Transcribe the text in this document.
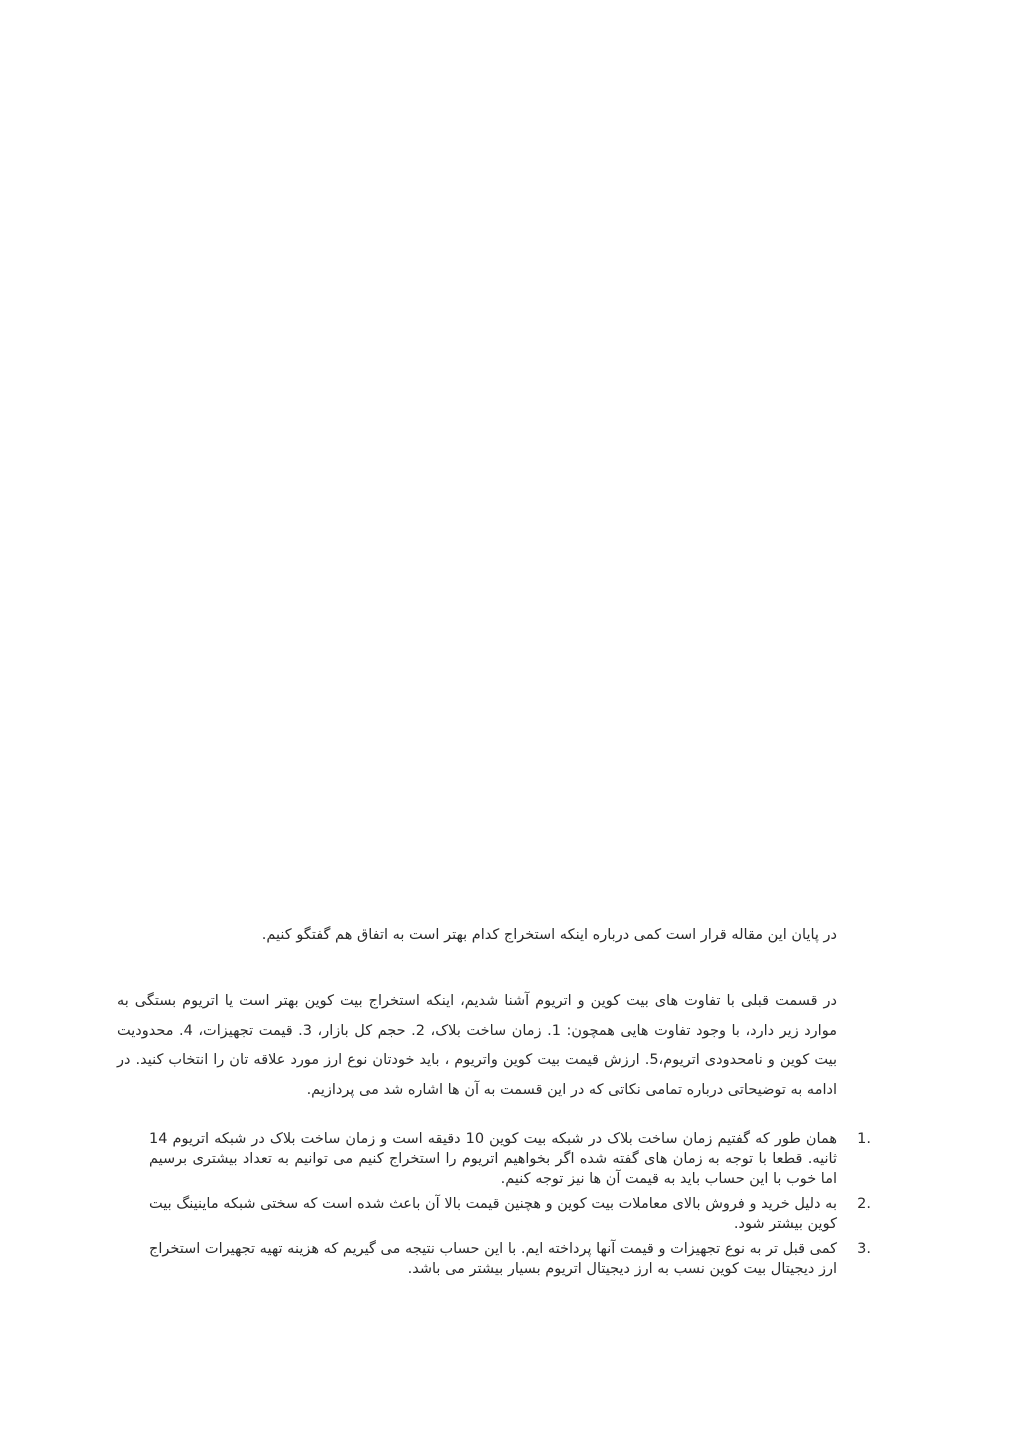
در پایان این مقاله قرار است کمی درباره اینکه استخراج کدام بهتر است به اتفاق هم گفتگو کنیم.

در قسمت قبلی با تفاوت های بیت کوین و اتریوم آشنا شدیم، اینکه استخراج بیت کوین بهتر است یا اتریوم بستگی به موارد زیر دارد، با وجود تفاوت هایی همچون: 1. زمان ساخت بلاک، 2. حجم کل بازار، 3. قیمت تجهیزات، 4. محدودیت بیت کوین و نامحدودی اتریوم،5. ارزش قیمت بیت کوین واتریوم ، باید خودتان نوع ارز مورد علاقه تان را انتخاب کنید. در ادامه به توضیحاتی درباره تمامی نکاتی که در این قسمت به آن ها اشاره شد می پردازیم.

1.
همان طور که گفتیم زمان ساخت بلاک در شبکه بیت کوین 10 دقیقه است و زمان ساخت بلاک در شبکه اتریوم 14 ثانیه. قطعا با توجه به زمان های گفته شده اگر بخواهیم اتریوم را استخراج کنیم می توانیم به تعداد بیشتری برسیم اما خوب با این حساب باید به قیمت آن ها نیز توجه کنیم.
2.
به دلیل خرید و فروش بالای معاملات بیت کوین و هچنین قیمت بالا آن باعث شده است که سختی شبکه ماینینگ بیت کوین بیشتر شود.
3.
کمی قبل تر به نوع تجهیزات و قیمت آنها پرداخته ایم. با این حساب نتیجه می گیریم که هزینه تهیه تجهیرات استخراج ارز دیجیتال بیت کوین نسب به ارز دیجیتال اتریوم بسیار بیشتر می باشد.
